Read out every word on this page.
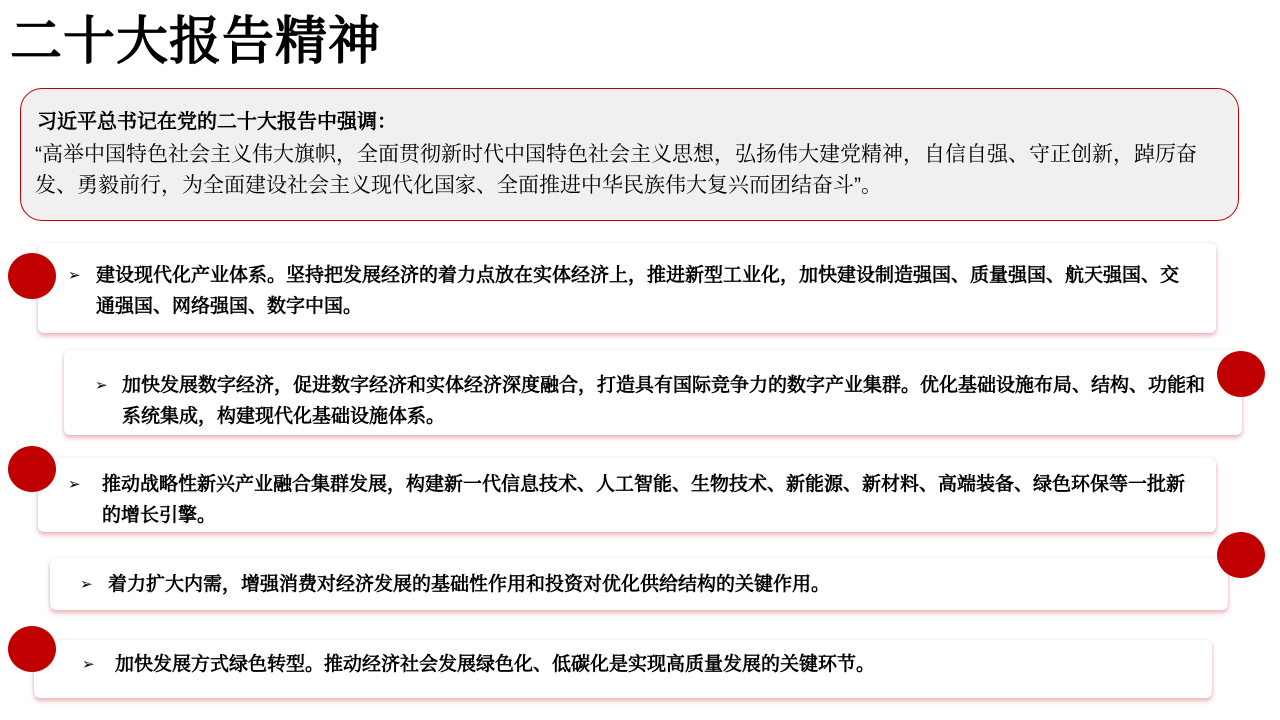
二十大报告精神
习近平总书记在党的二十大报告中强调：
“高举中国特色社会主义伟大旗帜，全面贯彻新时代中国特色社会主义思想，弘扬伟大建党精神，自信自强、守正创新，踔厉奋发、勇毅前行，为全面建设社会主义现代化国家、全面推进中华民族伟大复兴而团结奋斗”。
➢ 建设现代化产业体系。坚持把发展经济的着力点放在实体经济上，推进新型工业化，加快建设制造强国、质量强国、航天强国、交通强国、网络强国、数字中国。
➢ 加快发展数字经济，促进数字经济和实体经济深度融合，打造具有国际竞争力的数字产业集群。优化基础设施布局、结构、功能和系统集成，构建现代化基础设施体系。
➢ 推动战略性新兴产业融合集群发展，构建新一代信息技术、人工智能、生物技术、新能源、新材料、高端装备、绿色环保等一批新的增长引擎。
➢ 着力扩大内需，增强消费对经济发展的基础性作用和投资对优化供给结构的关键作用。
➢ 加快发展方式绿色转型。推动经济社会发展绿色化、低碳化是实现高质量发展的关键环节。
